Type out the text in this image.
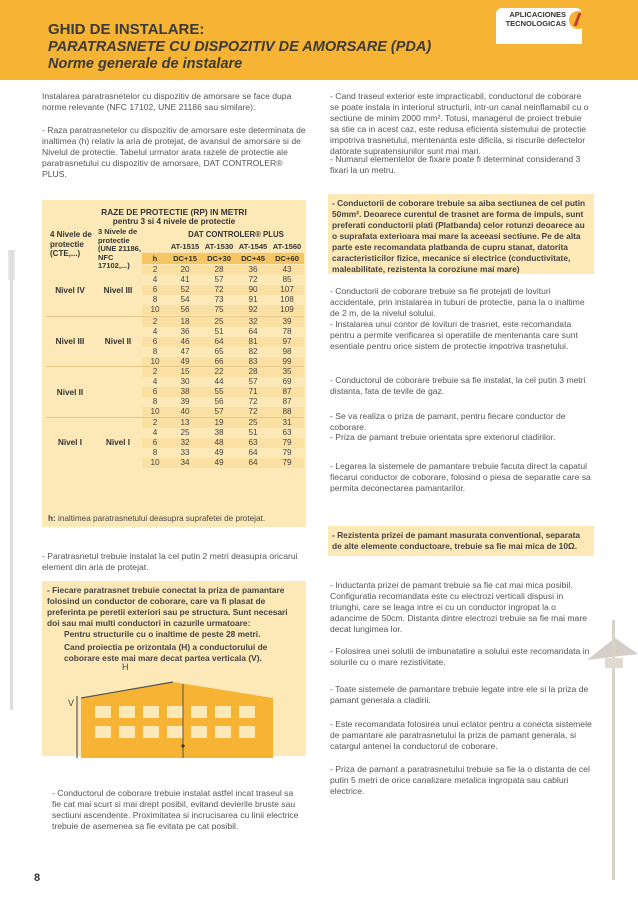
GHID DE INSTALARE:
PARATRASNETE CU DISPOZITIV DE AMORSARE (PDA)
Norme generale de instalare
APLICACIONES
TECNOLOGICAS
Instalarea paratrasnetelor cu dispozitiv de amorsare se face dupa norme relevante (NFC 17102, UNE 21186 sau similare):
- Raza paratrasnetelor cu dispozitiv de amorsare este determinata de inaltimea (h) relativ la aria de protejat, de avansul de amorsare si de Nivelul de protectie. Tabelul urmator arata razele de protectie ale paratrasnetului cu dispozitiv de amorsare, DAT CONTROLER® PLUS.
RAZE DE PROTECTIE (RP) IN METRI
pentru 3 si 4 nivele de protectie
4 Nivele de protectie (CTE,...)
3 Nivele de protectie (UNE 21186, NFC 17102,...)
DAT CONTROLER® PLUS
AT-1515 AT-1530 AT-1545 AT-1560
h	DC+15	DC+30	DC+45	DC+60
Nivel IV	Nivel III
2	20	28	36	43
4	41	57	72	85
6	52	72	90	107
8	54	73	91	108
10	56	75	92	109
Nivel III	Nivel II
2	18	25	32	39
4	36	51	64	78
6	46	64	81	97
8	47	65	82	98
10	49	66	83	99
Nivel II
2	15	22	28	35
4	30	44	57	69
6	38	55	71	87
8	39	56	72	87
10	40	57	72	88
Nivel I	Nivel I
2	13	19	25	31
4	25	38	51	63
6	32	48	63	79
8	33	49	64	79
10	34	49	64	79
h: inaltimea paratrasnetului deasupra suprafetei de protejat.
- Paratrasnetul trebuie instalat la cel putin 2 metri deasupra oricarui element din aria de protejat.
- Fiecare paratrasnet trebuie conectat la priza de pamantare folosind un conductor de coborare, care va fi plasat de preferinta pe peretii exteriori sau pe structura. Sunt necesari doi sau mai multi conductori in cazurile urmatoare:
Pentru structurile cu o inaltime de peste 28 metri.
Cand proiectia pe orizontala (H) a conductorului de coborare este mai mare decat partea verticala (V).
H
V
- Conductorul de coborare trebuie instalat astfel incat traseul sa fie cat mai scurt si mai drept posibil, evitand devierile bruste sau sectiuni ascendente. Proximitatea si incrucisarea cu linii electrice trebuie de asemenea sa fie evitata pe cat posibil.
- Cand traseul exterior este impracticabil, conductorul de coborare se poate instala in interiorul structurii, intr-un canal neinflamabil cu o sectiune de minim 2000 mm². Totusi, managerul de proiect trebuie sa stie ca in acest caz, este redusa eficienta sistemului de protectie impotriva trasnetului, mentenanta este dificila, si riscurile defectelor datorate supratensiunilor sunt mai mari.
- Numarul elementelor de fixare poate fi determinat considerand 3 fixari la un metru.
- Conductorii de coborare trebuie sa aiba sectiunea de cel putin 50mm². Deoarece curentul de trasnet are forma de impuls, sunt preferati conductorii plati (Platbanda) celor rotunzi deoarece au o suprafata exterioara mai mare la aceeasi sectiune. Pe de alta parte este recomandata platbanda de cupru stanat, datorita caracteristicilor fizice, mecanice si electrice (conductivitate, maleabilitate, rezistenta la coroziune mai mare)
- Conductorii de coborare trebuie sa fie protejati de lovituri accidentale, prin instalarea in tuburi de protectie, pana la o inaltime de 2 m, de la nivelul solului.
- Instalarea unui contor de lovituri de trasnet, este recomandata pentru a permite verificarea si operatiile de mentenanta care sunt esentiale pentru orice sistem de protectie impotriva trasnetului.
- Conductorul de coborare trebuie sa fie instalat, la cel putin 3 metri distanta, fata de tevile de gaz.
- Se va realiza o priza de pamant, pentru fiecare conductor de coborare.
- Priza de pamant trebuie orientata spre exteriorul cladirilor.
- Legarea la sistemele de pamantare trebuie facuta direct la capatul fiecarui conductor de coborare, folosind o piesa de separatie care sa permita deconectarea pamantarilor.
- Rezistenta prizei de pamant masurata conventional, separata de alte elemente conductoare, trebuie sa fie mai mica de 10Ω.
- Inductanta prizei de pamant trebuie sa fie cat mai mica posibil. Configuratia recomandata este cu electrozi verticali dispusi in triunghi, care se leaga intre ei cu un conductor ingropat la o adancime de 50cm. Distanta dintre electrozi trebuie sa fie mai mare decat lungimea lor.
- Folosirea unei solutii de imbunatatire a solului este recomandata in solurile cu o mare rezistivitate.
- Toate sistemele de pamantare trebuie legate intre ele si la priza de pamant generala a cladirii.
- Este recomandata folosirea unui eclator pentru a conecta sistemele de pamantare ale paratrasnetului la priza de pamant generala, si catargul antenei la conductorul de coborare.
- Priza de pamant a paratrasnetului trebuie sa fie la o distanta de cel putin 5 metri de orice canalizare metalica ingropata sau cabluri electrice.
8
